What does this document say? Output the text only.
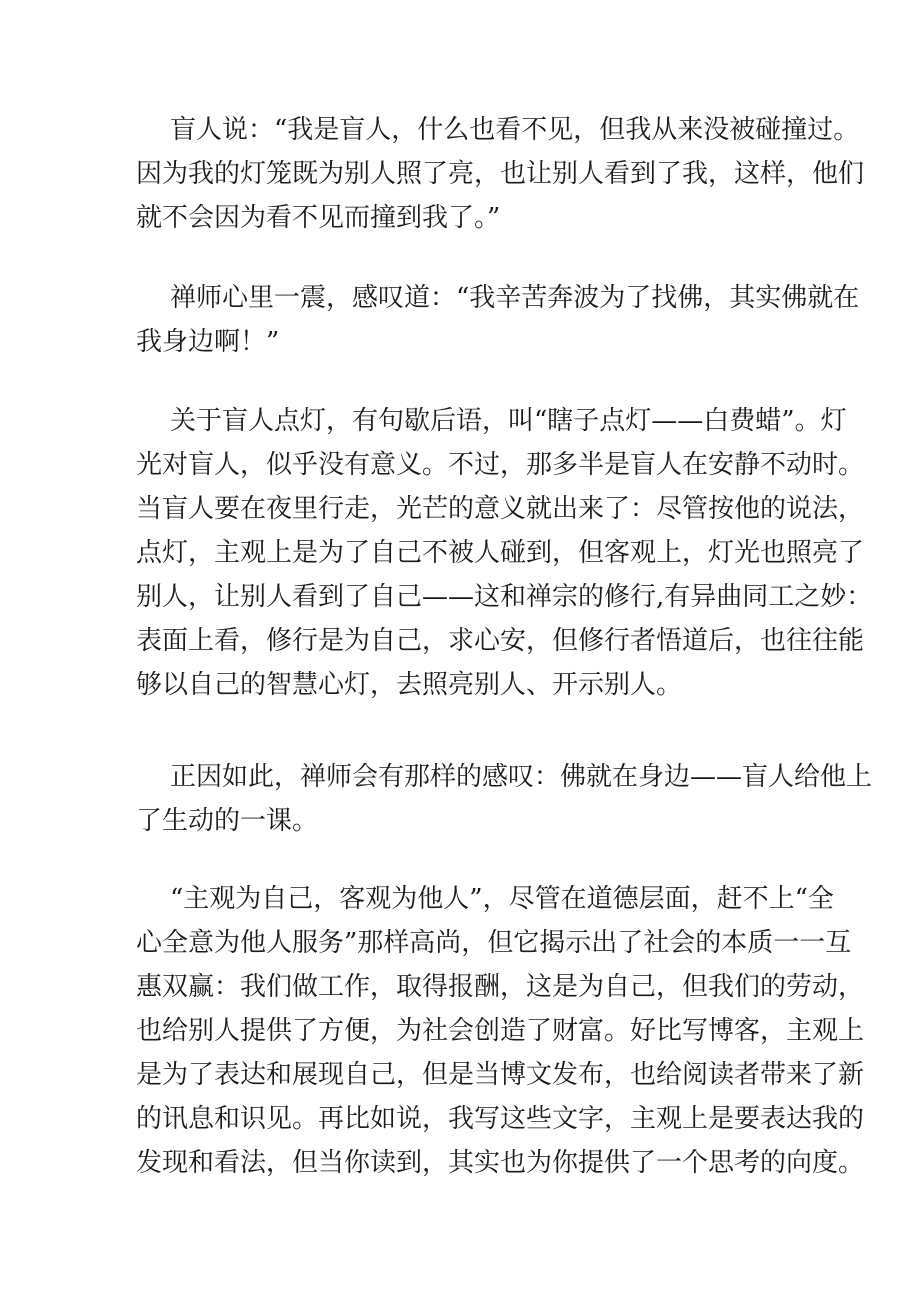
盲人说：“我是盲人，什么也看不见，但我从来没被碰撞过。
因为我的灯笼既为别人照了亮，也让别人看到了我，这样，他们
就不会因为看不见而撞到我了。”
禅师心里一震，感叹道：“我辛苦奔波为了找佛，其实佛就在
我身边啊！”
关于盲人点灯，有句歇后语，叫“瞎子点灯——白费蜡”。灯
光对盲人，似乎没有意义。不过，那多半是盲人在安静不动时。
当盲人要在夜里行走，光芒的意义就出来了：尽管按他的说法，
点灯，主观上是为了自己不被人碰到，但客观上，灯光也照亮了
别人，让别人看到了自己——这和禅宗的修行,有异曲同工之妙：
表面上看，修行是为自己，求心安，但修行者悟道后，也往往能
够以自己的智慧心灯，去照亮别人、开示别人。
正因如此，禅师会有那样的感叹：佛就在身边——盲人给他上
了生动的一课。
“主观为自己，客观为他人”，尽管在道德层面，赶不上“全
心全意为他人服务”那样高尚，但它揭示出了社会的本质一一互
惠双赢：我们做工作，取得报酬，这是为自己，但我们的劳动，
也给别人提供了方便，为社会创造了财富。好比写博客，主观上
是为了表达和展现自己，但是当博文发布，也给阅读者带来了新
的讯息和识见。再比如说，我写这些文字，主观上是要表达我的
发现和看法，但当你读到，其实也为你提供了一个思考的向度。
